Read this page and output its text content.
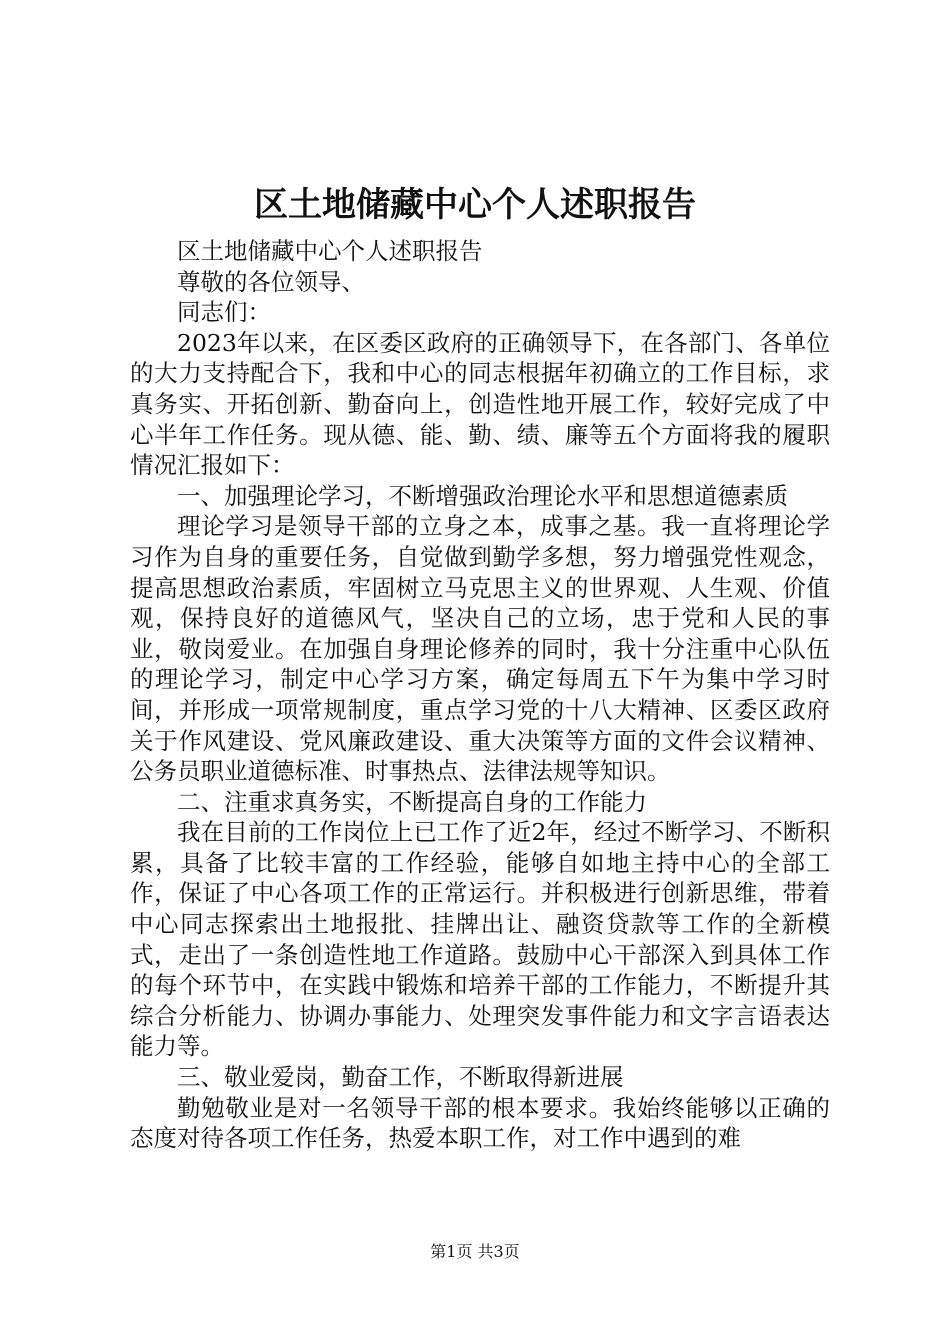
区土地储藏中心个人述职报告

区土地储藏中心个人述职报告

尊敬的各位领导、

同志们：

2023年以来，在区委区政府的正确领导下，在各部门、各单位的大力支持配合下，我和中心的同志根据年初确立的工作目标，求真务实、开拓创新、勤奋向上，创造性地开展工作，较好完成了中心半年工作任务。现从德、能、勤、绩、廉等五个方面将我的履职情况汇报如下：

一、加强理论学习，不断增强政治理论水平和思想道德素质

理论学习是领导干部的立身之本，成事之基。我一直将理论学习作为自身的重要任务，自觉做到勤学多想，努力增强党性观念，提高思想政治素质，牢固树立马克思主义的世界观、人生观、价值观，保持良好的道德风气，坚决自己的立场，忠于党和人民的事业，敬岗爱业。在加强自身理论修养的同时，我十分注重中心队伍的理论学习，制定中心学习方案，确定每周五下午为集中学习时间，并形成一项常规制度，重点学习党的十八大精神、区委区政府关于作风建设、党风廉政建设、重大决策等方面的文件会议精神、公务员职业道德标准、时事热点、法律法规等知识。

二、注重求真务实，不断提高自身的工作能力

我在目前的工作岗位上已工作了近2年，经过不断学习、不断积累，具备了比较丰富的工作经验，能够自如地主持中心的全部工作，保证了中心各项工作的正常运行。并积极进行创新思维，带着中心同志探索出土地报批、挂牌出让、融资贷款等工作的全新模式，走出了一条创造性地工作道路。鼓励中心干部深入到具体工作的每个环节中，在实践中锻炼和培养干部的工作能力，不断提升其综合分析能力、协调办事能力、处理突发事件能力和文字言语表达能力等。

三、敬业爱岗，勤奋工作，不断取得新进展

勤勉敬业是对一名领导干部的根本要求。我始终能够以正确的态度对待各项工作任务，热爱本职工作，对工作中遇到的难

第1页 共3页
